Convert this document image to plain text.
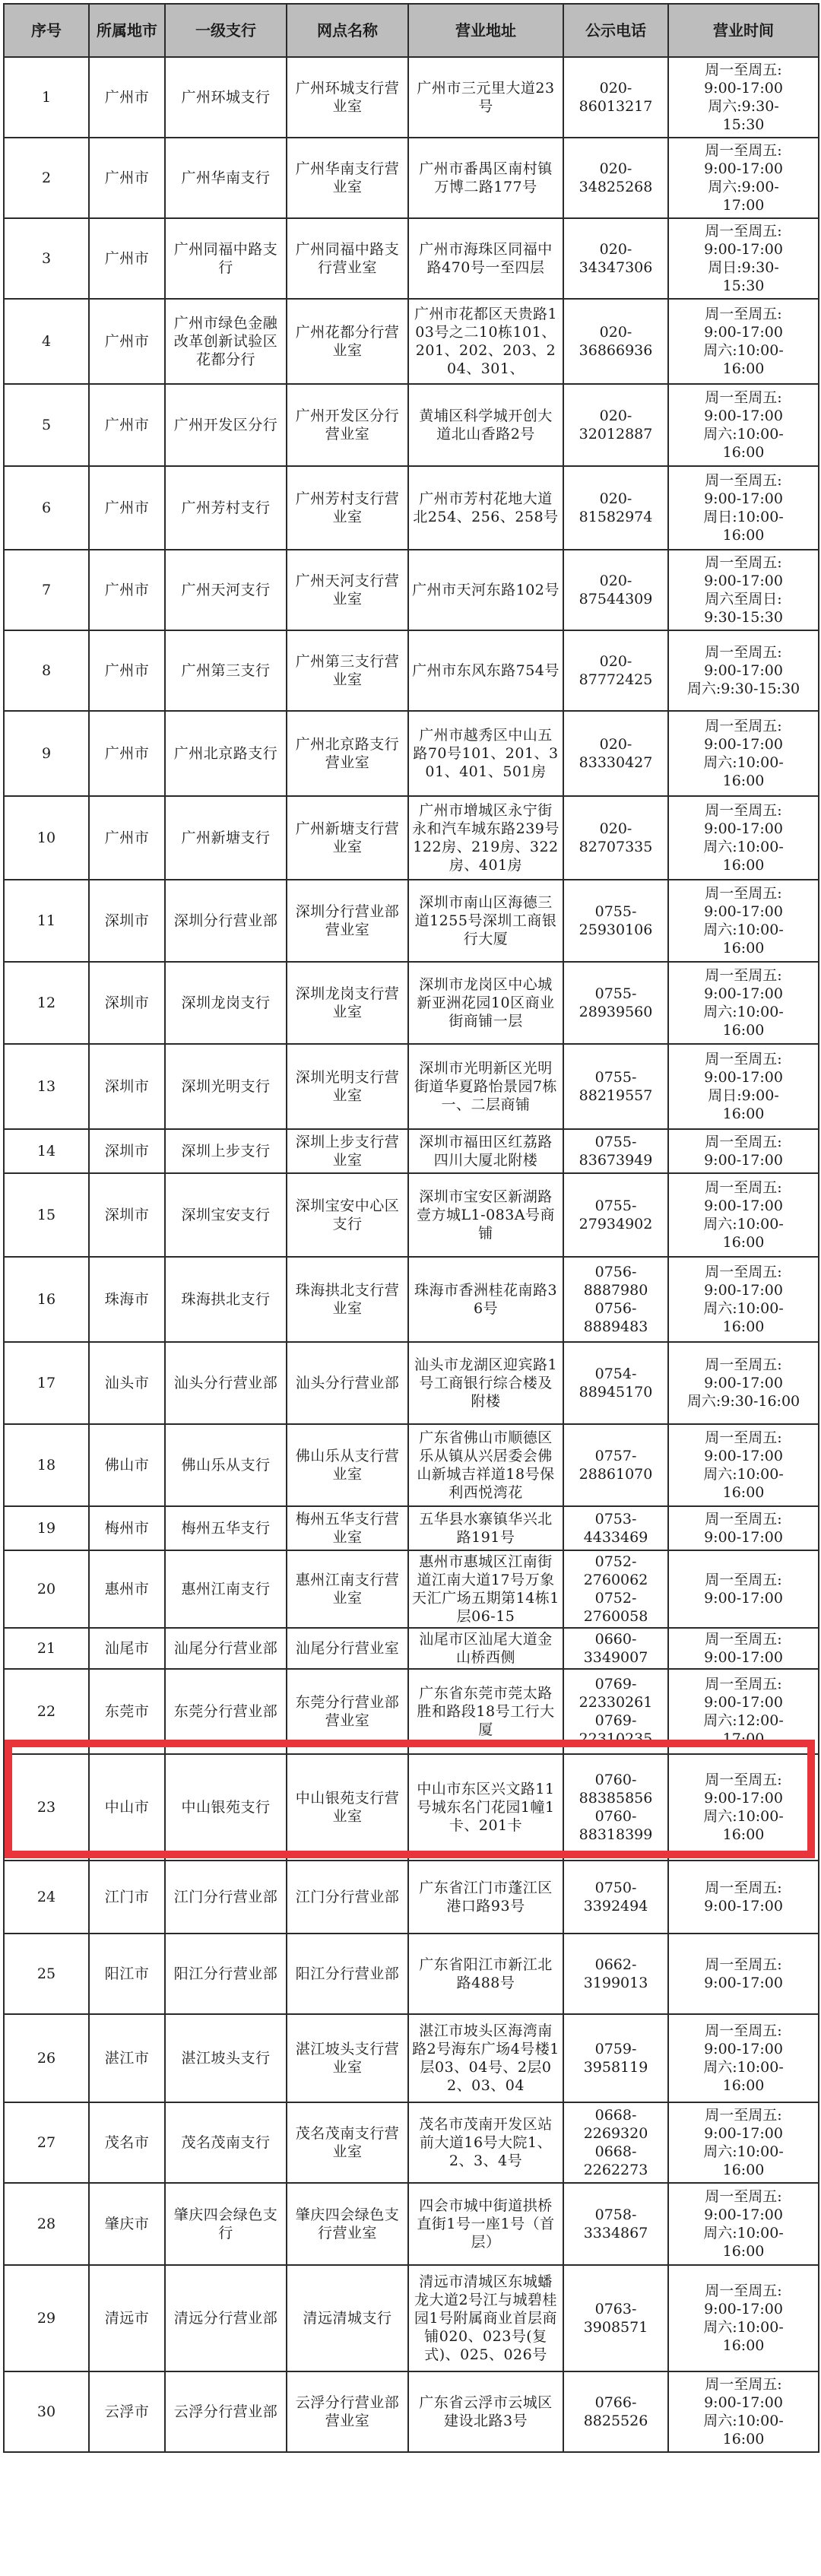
序号	所属地市	一级支行	网点名称	营业地址	公示电话	营业时间
1	广州市	广州环城支行	广州环城支行营业室	广州市三元里大道23号	020-
86013217	周一至周五:
9:00-17:00
周六:9:30-
15:30

2	广州市	广州华南支行	广州华南支行营业室	广州市番禺区南村镇万博二路177号	020-
34825268	周一至周五:
9:00-17:00
周六:9:00-
17:00

3	广州市	广州同福中路支行	广州同福中路支行营业室	广州市海珠区同福中路470号一至四层	020-
34347306	周一至周五:
9:00-17:00
周日:9:30-
15:30

4	广州市	广州市绿色金融改革创新试验区花都分行	广州花都分行营业室	广州市花都区天贵路103号之二10栋101、201、202、203、204、301、	020-
36866936	周一至周五:
9:00-17:00
周六:10:00-
16:00

5	广州市	广州开发区分行	广州开发区分行营业室	黄埔区科学城开创大道北山香路2号	020-
32012887	周一至周五:
9:00-17:00
周六:10:00-
16:00

6	广州市	广州芳村支行	广州芳村支行营业室	广州市芳村花地大道北254、256、258号	020-
81582974	周一至周五:
9:00-17:00
周日:10:00-
16:00

7	广州市	广州天河支行	广州天河支行营业室	广州市天河东路102号	020-
87544309	周一至周五:
9:00-17:00
周六至周日:
9:30-15:30

8	广州市	广州第三支行	广州第三支行营业室	广州市东风东路754号	020-
87772425	周一至周五:
9:00-17:00
周六:9:30-15:30

9	广州市	广州北京路支行	广州北京路支行营业室	广州市越秀区中山五路70号101、201、301、401、501房	020-
83330427	周一至周五:
9:00-17:00
周六:10:00-
16:00

10	广州市	广州新塘支行	广州新塘支行营业室	广州市增城区永宁街永和汽车城东路239号122房、219房、322房、401房	020-
82707335	周一至周五:
9:00-17:00
周六:10:00-
16:00

11	深圳市	深圳分行营业部	深圳分行营业部营业室	深圳市南山区海德三道1255号深圳工商银行大厦	0755-
25930106	周一至周五:
9:00-17:00
周六:10:00-
16:00

12	深圳市	深圳龙岗支行	深圳龙岗支行营业室	深圳市龙岗区中心城新亚洲花园10区商业街商铺一层	0755-
28939560	周一至周五:
9:00-17:00
周六:10:00-
16:00

13	深圳市	深圳光明支行	深圳光明支行营业室	深圳市光明新区光明街道华夏路怡景园7栋一、二层商铺	0755-
88219557	周一至周五:
9:00-17:00
周日:9:00-
16:00

14	深圳市	深圳上步支行	深圳上步支行营业室	深圳市福田区红荔路四川大厦北附楼	0755-
83673949	周一至周五:
9:00-17:00

15	深圳市	深圳宝安支行	深圳宝安中心区支行	深圳市宝安区新湖路壹方城L1-083A号商铺	0755-
27934902	周一至周五:
9:00-17:00
周六:10:00-
16:00

16	珠海市	珠海拱北支行	珠海拱北支行营业室	珠海市香洲桂花南路36号	0756-
8887980
0756-
8889483	周一至周五:
9:00-17:00
周六:10:00-
16:00

17	汕头市	汕头分行营业部	汕头分行营业部	汕头市龙湖区迎宾路1号工商银行综合楼及附楼	0754-
88945170	周一至周五:
9:00-17:00
周六:9:30-16:00

18	佛山市	佛山乐从支行	佛山乐从支行营业室	广东省佛山市顺德区乐从镇从兴居委会佛山新城吉祥道18号保利西悦湾花	0757-
28861070	周一至周五:
9:00-17:00
周六:10:00-
16:00

19	梅州市	梅州五华支行	梅州五华支行营业室	五华县水寨镇华兴北路191号	0753-
4433469	周一至周五:
9:00-17:00

20	惠州市	惠州江南支行	惠州江南支行营业室	惠州市惠城区江南街道江南大道17号万象天汇广场五期第14栋1层06-15	0752-
2760062
0752-
2760058	周一至周五:
9:00-17:00

21	汕尾市	汕尾分行营业部	汕尾分行营业室	汕尾市区汕尾大道金山桥西侧	0660-
3349007	周一至周五:
9:00-17:00

22	东莞市	东莞分行营业部	东莞分行营业部营业室	广东省东莞市莞太路胜和路段18号工行大厦	0769-
22330261
0769-
22310235	周一至周五:
9:00-17:00
周六:12:00-
17:00

23	中山市	中山银苑支行	中山银苑支行营业室	中山市东区兴文路11号城东名门花园1幢1卡、201卡	0760-
88385856
0760-
88318399	周一至周五:
9:00-17:00
周六:10:00-
16:00

24	江门市	江门分行营业部	江门分行营业部	广东省江门市蓬江区港口路93号	0750-
3392494	周一至周五:
9:00-17:00

25	阳江市	阳江分行营业部	阳江分行营业部	广东省阳江市新江北路488号	0662-
3199013	周一至周五:
9:00-17:00

26	湛江市	湛江坡头支行	湛江坡头支行营业室	湛江市坡头区海湾南路2号海东广场4号楼1层03、04号、2层02、03、04	0759-
3958119	周一至周五:
9:00-17:00
周六:10:00-
16:00

27	茂名市	茂名茂南支行	茂名茂南支行营业室	茂名市茂南开发区站前大道16号大院1、2、3、4号	0668-
2269320
0668-
2262273	周一至周五:
9:00-17:00
周六:10:00-
16:00

28	肇庆市	肇庆四会绿色支行	肇庆四会绿色支行营业室	四会市城中街道拱桥直街1号一座1号（首层）	0758-
3334867	周一至周五:
9:00-17:00
周六:10:00-
16:00

29	清远市	清远分行营业部	清远清城支行	清远市清城区东城蟠龙大道2号江与城碧桂园1号附属商业首层商铺020、023号(复式)、025、026号	0763-
3908571	周一至周五:
9:00-17:00
周六:10:00-
16:00

30	云浮市	云浮分行营业部	云浮分行营业部营业室	广东省云浮市云城区建设北路3号	0766-
8825526	周一至周五:
9:00-17:00
周六:10:00-
16:00
